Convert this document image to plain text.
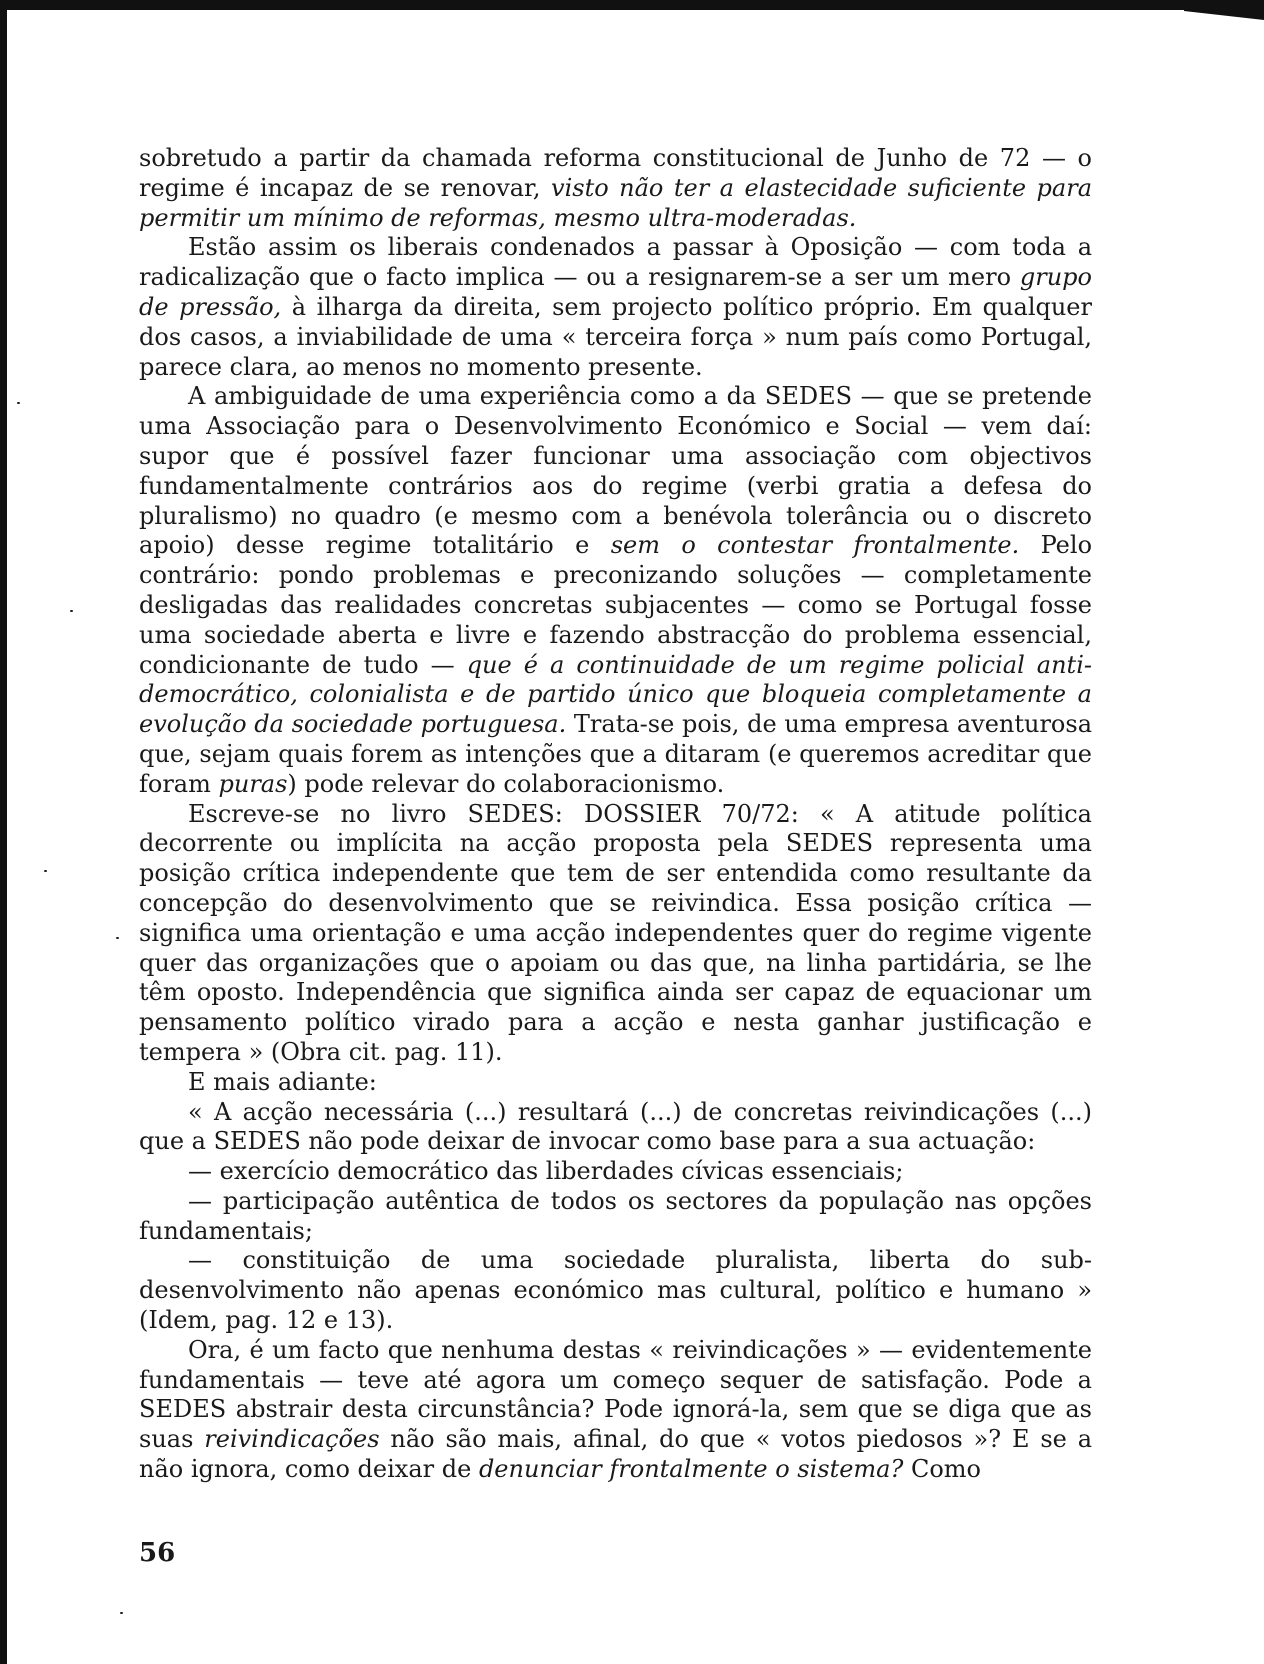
sobretudo a partir da chamada reforma constitucional de Junho de 72 — o regime é incapaz de se renovar, visto não ter a elastecidade suficiente para permitir um mínimo de reformas, mesmo ultra-moderadas.

Estão assim os liberais condenados a passar à Oposição — com toda a radicalização que o facto implica — ou a resignarem-se a ser um mero grupo de pressão, à ilharga da direita, sem projecto político próprio. Em qualquer dos casos, a inviabilidade de uma « terceira força » num país como Portugal, parece clara, ao menos no momento presente.

A ambiguidade de uma experiência como a da SEDES — que se pretende uma Associação para o Desenvolvimento Económico e Social — vem daí: supor que é possível fazer funcionar uma associação com objectivos fundamentalmente contrários aos do regime (verbi gratia a defesa do pluralismo) no quadro (e mesmo com a benévola tolerância ou o discreto apoio) desse regime totalitário e sem o contestar frontalmente. Pelo contrário: pondo problemas e preconizando soluções — completamente desligadas das realidades concretas subjacentes — como se Portugal fosse uma sociedade aberta e livre e fazendo abstracção do problema essencial, condicionante de tudo — que é a continuidade de um regime policial anti-democrático, colonialista e de partido único que bloqueia completamente a evolução da sociedade portuguesa. Trata-se pois, de uma empresa aventurosa que, sejam quais forem as intenções que a ditaram (e queremos acreditar que foram puras) pode relevar do colaboracionismo.

Escreve-se no livro SEDES: DOSSIER 70/72: « A atitude política decorrente ou implícita na acção proposta pela SEDES representa uma posição crítica independente que tem de ser entendida como resultante da concepção do desenvolvimento que se reivindica. Essa posição crítica — significa uma orientação e uma acção independentes quer do regime vigente quer das organizações que o apoiam ou das que, na linha partidária, se lhe têm oposto. Independência que significa ainda ser capaz de equacionar um pensamento político virado para a acção e nesta ganhar justificação e tempera » (Obra cit. pag. 11).

E mais adiante:

« A acção necessária (...) resultará (...) de concretas reivindicações (...) que a SEDES não pode deixar de invocar como base para a sua actuação:

— exercício democrático das liberdades cívicas essenciais;

— participação autêntica de todos os sectores da população nas opções fundamentais;

— constituição de uma sociedade pluralista, liberta do sub-desenvolvimento não apenas económico mas cultural, político e humano » (Idem, pag. 12 e 13).

Ora, é um facto que nenhuma destas « reivindicações » — evidentemente fundamentais — teve até agora um começo sequer de satisfação. Pode a SEDES abstrair desta circunstância? Pode ignorá-la, sem que se diga que as suas reivindicações não são mais, afinal, do que « votos piedosos »? E se a não ignora, como deixar de denunciar frontalmente o sistema? Como

56
